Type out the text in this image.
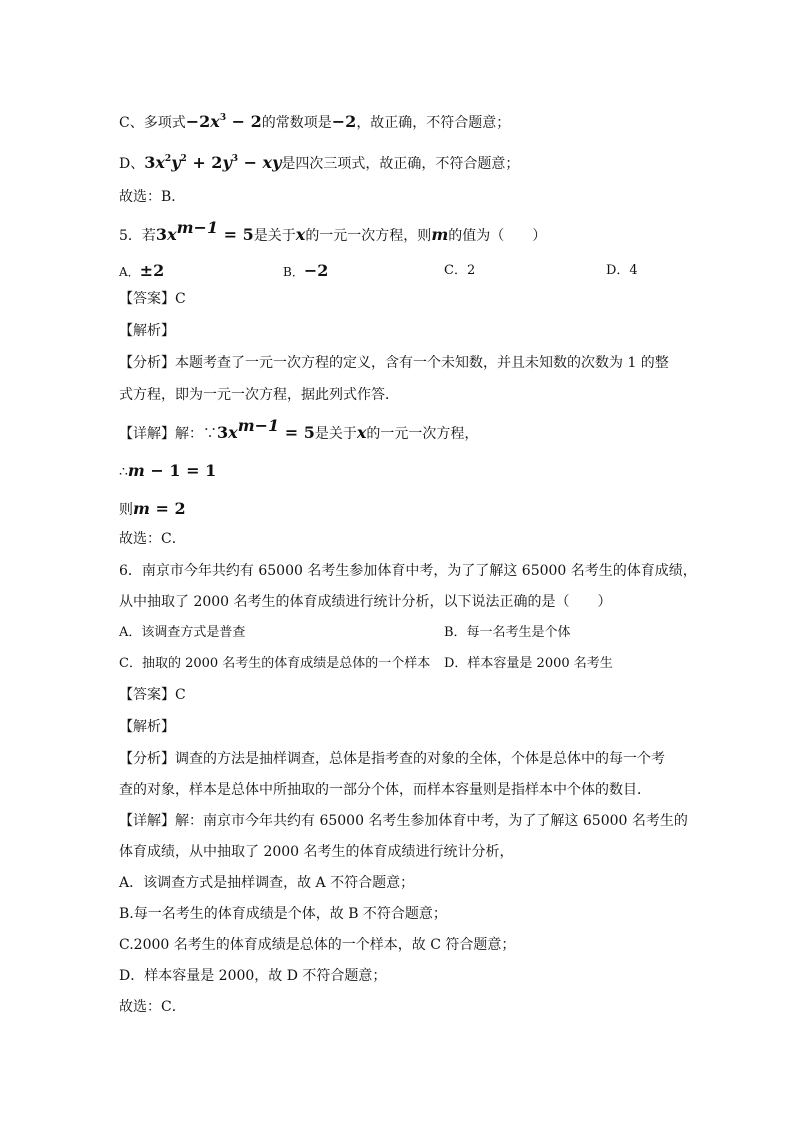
C、多项式$-2x^3 - 2$的常数项是−2，故正确，不符合题意；
D、$3x^2y^2 + 2y^3$ − xy是四次三项式，故正确，不符合题意；
故选：B．
5．若$3x^{m-1} = 5$是关于x的一元一次方程，则m的值为（　　）
A．±2	B．−2	C．2	D．4
【答案】C
【解析】
【分析】本题考查了一元一次方程的定义，含有一个未知数，并且未知数的次数为 1 的整
式方程，即为一元一次方程，据此列式作答．
【详解】解：$\because 3x^{m-1} = 5$是关于x的一元一次方程，
∴m − 1 = 1
则m = 2
故选：C．
6．南京市今年共约有 65000 名考生参加体育中考，为了了解这 65000 名考生的体育成绩，
从中抽取了 2000 名考生的体育成绩进行统计分析，以下说法正确的是（　　）
A．该调查方式是普查	B．每一名考生是个体
C．抽取的 2000 名考生的体育成绩是总体的一个样本 D．样本容量是 2000 名考生
【答案】C
【解析】
【分析】调查的方法是抽样调查，总体是指考查的对象的全体，个体是总体中的每一个考
查的对象，样本是总体中所抽取的一部分个体，而样本容量则是指样本中个体的数目．
【详解】解：南京市今年共约有 65000 名考生参加体育中考，为了了解这 65000 名考生的
体育成绩，从中抽取了 2000 名考生的体育成绩进行统计分析，
A．该调查方式是抽样调查，故 A 不符合题意；
B.每一名考生的体育成绩是个体，故 B 不符合题意；
C.2000 名考生的体育成绩是总体的一个样本，故 C 符合题意；
D．样本容量是 2000，故 D 不符合题意；
故选：C．
